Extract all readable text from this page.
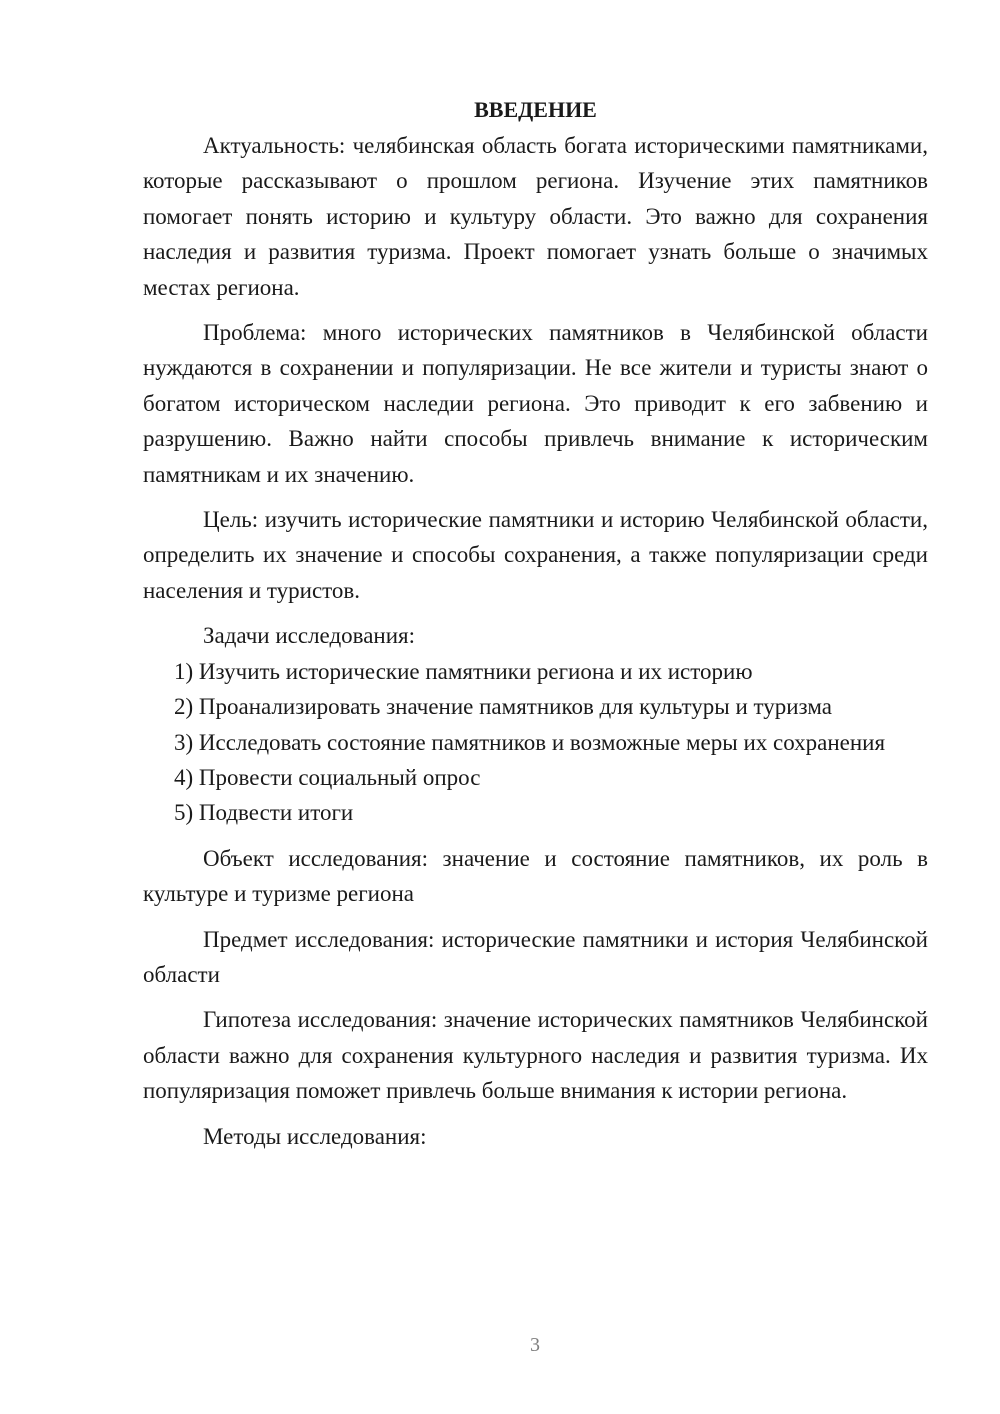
ВВЕДЕНИЕ

Актуальность: челябинская область богата историческими памятниками, которые рассказывают о прошлом региона. Изучение этих памятников помогает понять историю и культуру области. Это важно для сохранения наследия и развития туризма. Проект помогает узнать больше о значимых местах региона.

Проблема: много исторических памятников в Челябинской области нуждаются в сохранении и популяризации. Не все жители и туристы знают о богатом историческом наследии региона. Это приводит к его забвению и разрушению. Важно найти способы привлечь внимание к историческим памятникам и их значению.

Цель: изучить исторические памятники и историю Челябинской области, определить их значение и способы сохранения, а также популяризации среди населения и туристов.

Задачи исследования:

1) Изучить исторические памятники региона и их историю

2) Проанализировать значение памятников для культуры и туризма

3) Исследовать состояние памятников и возможные меры их сохранения

4) Провести социальный опрос

5) Подвести итоги

Объект исследования: значение и состояние памятников, их роль в культуре и туризме региона

Предмет исследования: исторические памятники и история Челябинской области

Гипотеза исследования: значение исторических памятников Челябинской области важно для сохранения культурного наследия и развития туризма. Их популяризация поможет привлечь больше внимания к истории региона.

Методы исследования:

3
